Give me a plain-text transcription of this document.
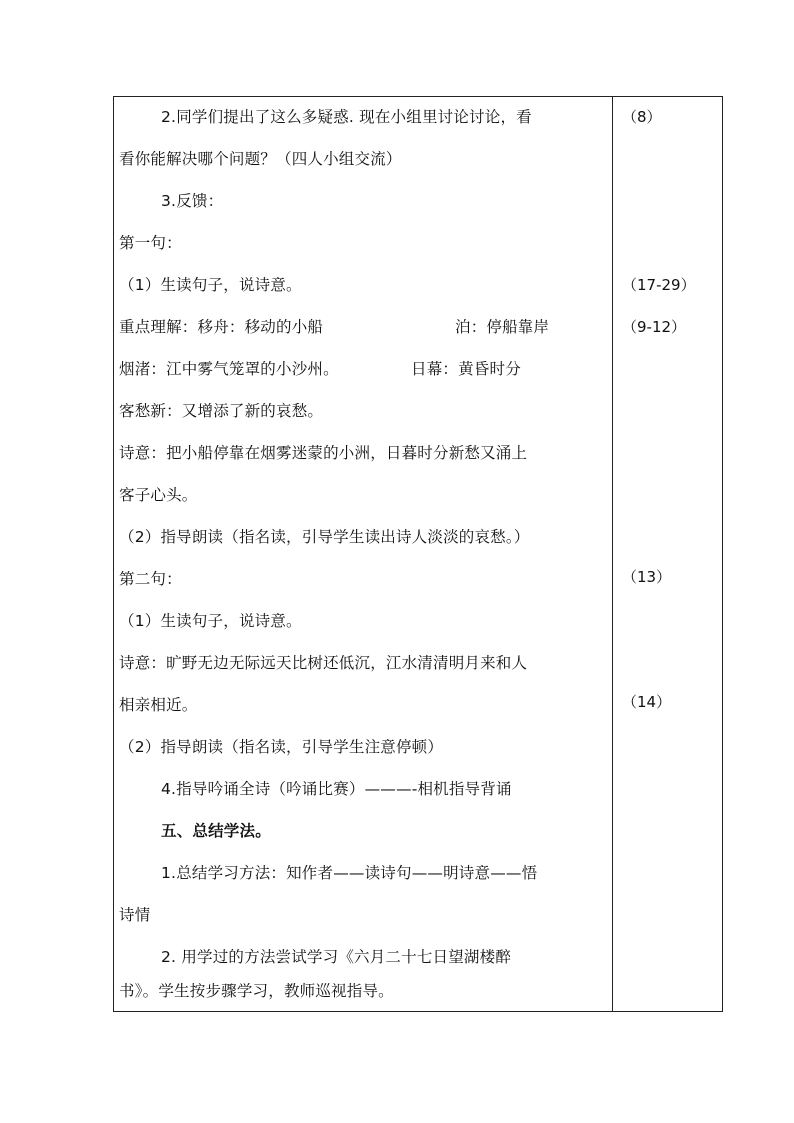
2.同学们提出了这么多疑惑. 现在小组里讨论讨论，看
看你能解决哪个问题？（四人小组交流）
3.反馈：
第一句：
（1）生读句子，说诗意。
重点理解：移舟：移动的小船	泊：停船靠岸
烟渚：江中雾气笼罩的小沙州。	日幕：黄昏时分
客愁新：又增添了新的哀愁。
诗意：把小船停靠在烟雾迷蒙的小洲，日暮时分新愁又涌上
客子心头。
（2）指导朗读（指名读，引导学生读出诗人淡淡的哀愁。）
第二句：
（1）生读句子，说诗意。
诗意：旷野无边无际远天比树还低沉，江水清清明月来和人
相亲相近。
（2）指导朗读（指名读，引导学生注意停顿）
4.指导吟诵全诗（吟诵比赛）———-相机指导背诵
五、总结学法。
1.总结学习方法：知作者——读诗句——明诗意——悟
诗情
2. 用学过的方法尝试学习《六月二十七日望湖楼醉
书》。学生按步骤学习，教师巡视指导。
（8）
（17-29）
（9-12）
（13）
（14）
